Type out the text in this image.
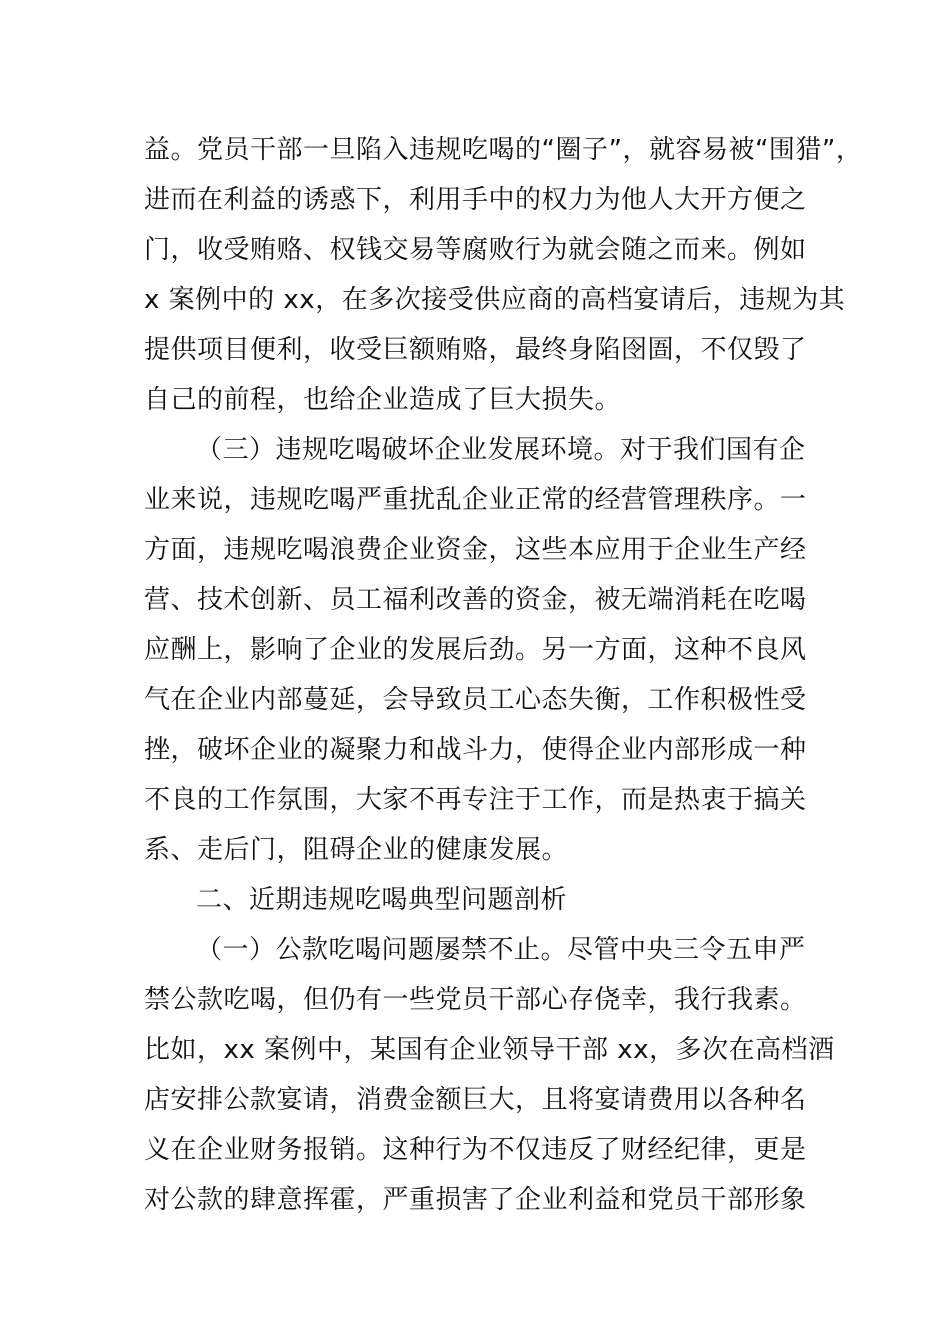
益。党员干部一旦陷入违规吃喝的“圈子”，就容易被“围猎”，
进而在利益的诱惑下，利用手中的权力为他人大开方便之
门，收受贿赂、权钱交易等腐败行为就会随之而来。例如
x 案例中的 xx，在多次接受供应商的高档宴请后，违规为其
提供项目便利，收受巨额贿赂，最终身陷囹圄，不仅毁了
自己的前程，也给企业造成了巨大损失。
（三）违规吃喝破坏企业发展环境。对于我们国有企
业来说，违规吃喝严重扰乱企业正常的经营管理秩序。一
方面，违规吃喝浪费企业资金，这些本应用于企业生产经
营、技术创新、员工福利改善的资金，被无端消耗在吃喝
应酬上，影响了企业的发展后劲。另一方面，这种不良风
气在企业内部蔓延，会导致员工心态失衡，工作积极性受
挫，破坏企业的凝聚力和战斗力，使得企业内部形成一种
不良的工作氛围，大家不再专注于工作，而是热衷于搞关
系、走后门，阻碍企业的健康发展。
二、近期违规吃喝典型问题剖析
（一）公款吃喝问题屡禁不止。尽管中央三令五申严
禁公款吃喝，但仍有一些党员干部心存侥幸，我行我素。
比如，xx 案例中，某国有企业领导干部 xx，多次在高档酒
店安排公款宴请，消费金额巨大，且将宴请费用以各种名
义在企业财务报销。这种行为不仅违反了财经纪律，更是
对公款的肆意挥霍，严重损害了企业利益和党员干部形象
